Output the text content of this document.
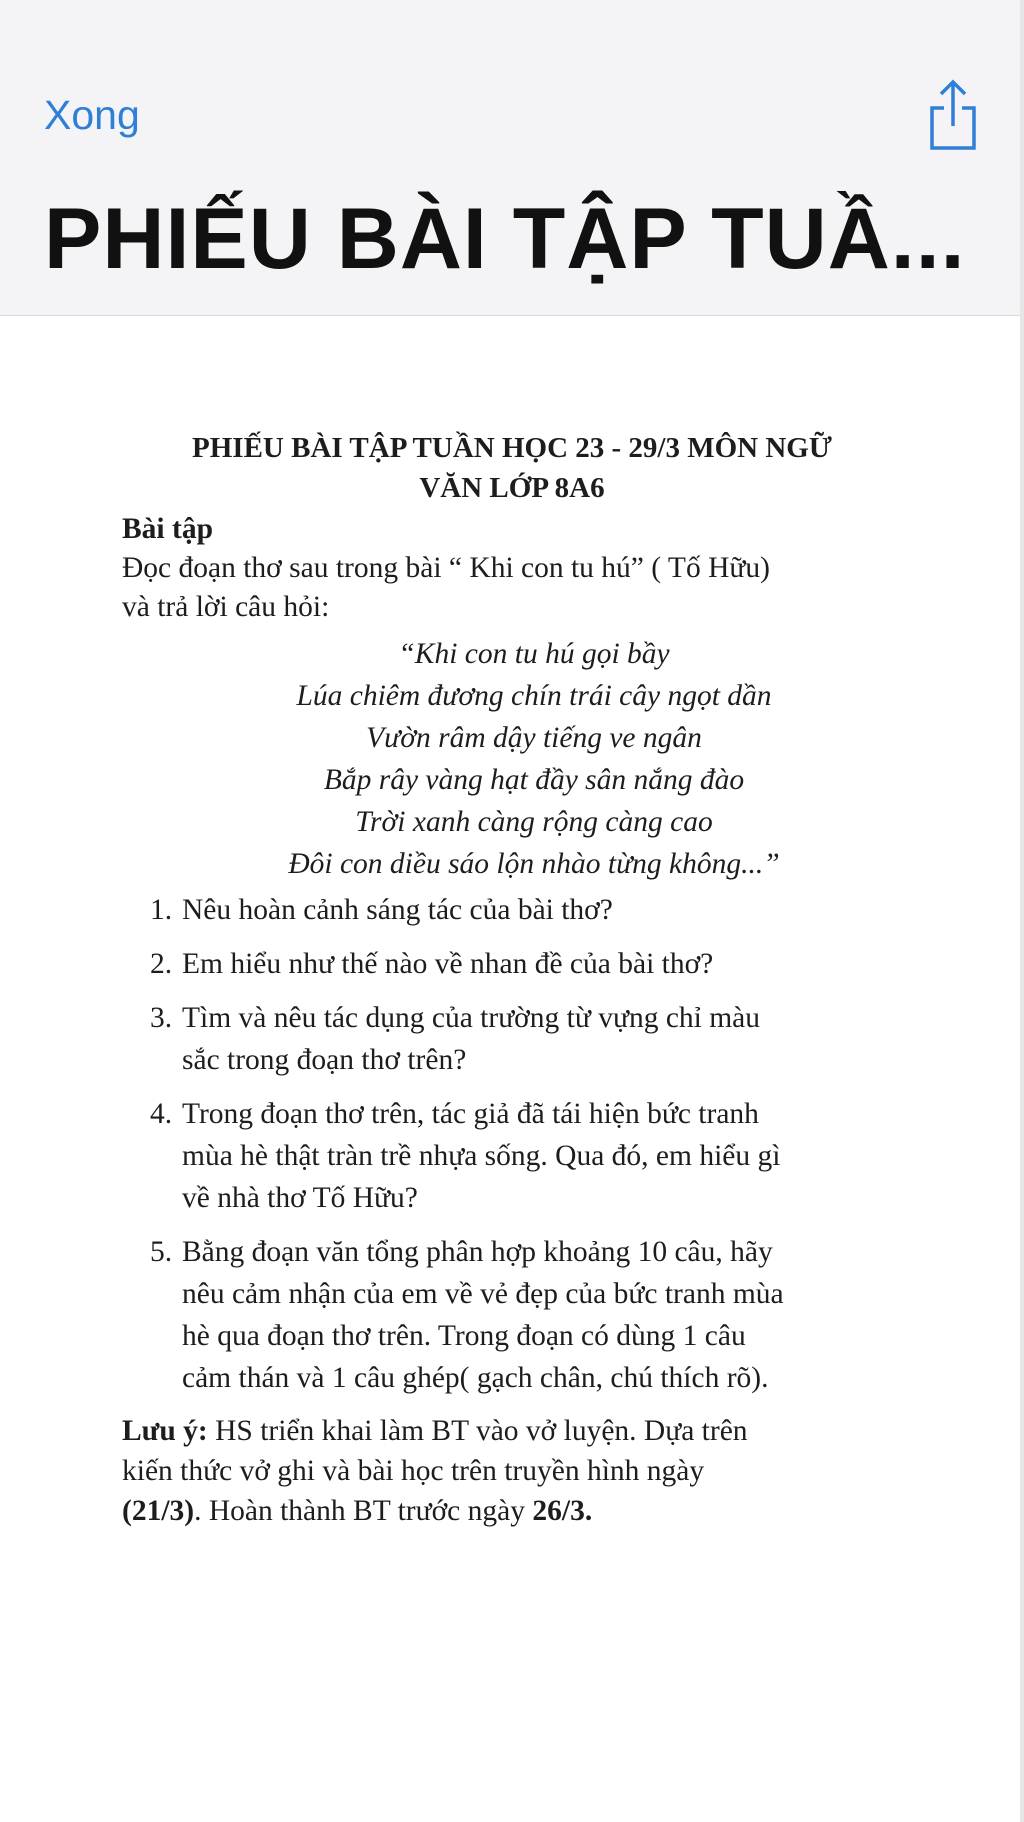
Xong
PHIẾU BÀI TẬP TUẦ...
PHIẾU BÀI TẬP TUẦN HỌC 23 - 29/3 MÔN NGỮ
VĂN LỚP 8A6
Bài tập
Đọc đoạn thơ sau trong bài “ Khi con tu hú” ( Tố Hữu)
và trả lời câu hỏi:
“Khi con tu hú gọi bầy
Lúa chiêm đương chín trái cây ngọt dần
Vườn râm dậy tiếng ve ngân
Bắp rây vàng hạt đầy sân nắng đào
Trời xanh càng rộng càng cao
Đôi con diều sáo lộn nhào từng không...”
1. Nêu hoàn cảnh sáng tác của bài thơ?
2. Em hiểu như thế nào về nhan đề của bài thơ?
3. Tìm và nêu tác dụng của trường từ vựng chỉ màu
sắc trong đoạn thơ trên?
4. Trong đoạn thơ trên, tác giả đã tái hiện bức tranh
mùa hè thật tràn trề nhựa sống. Qua đó, em hiểu gì
về nhà thơ Tố Hữu?
5. Bằng đoạn văn tổng phân hợp khoảng 10 câu, hãy
nêu cảm nhận của em về vẻ đẹp của bức tranh mùa
hè qua đoạn thơ trên. Trong đoạn có dùng 1 câu
cảm thán và 1 câu ghép( gạch chân, chú thích rõ).
Lưu ý: HS triển khai làm BT vào vở luyện. Dựa trên
kiến thức vở ghi và bài học trên truyền hình ngày
(21/3). Hoàn thành BT trước ngày 26/3.
